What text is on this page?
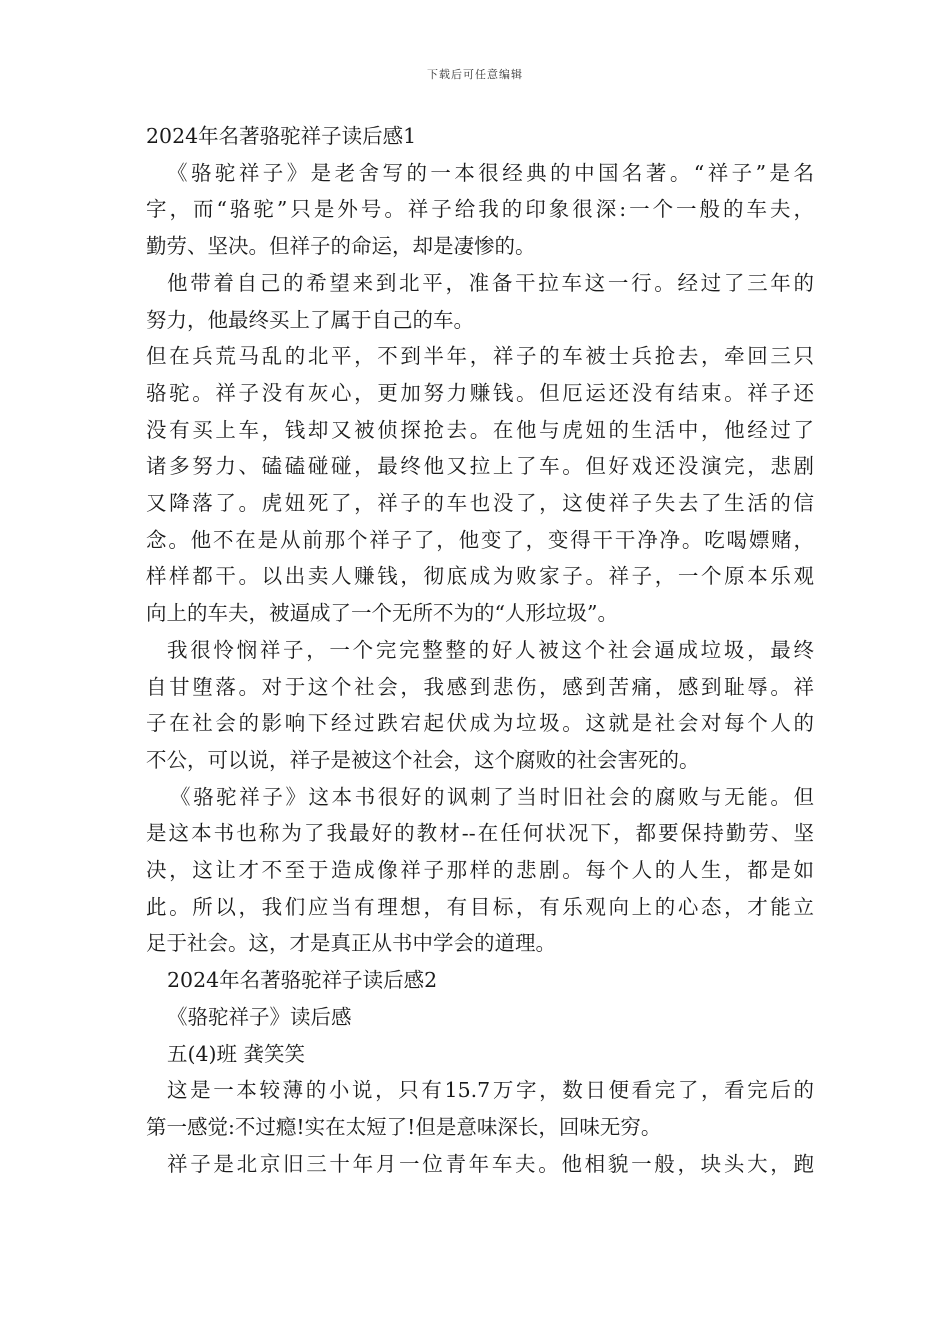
下载后可任意编辑
2024年名著骆驼祥子读后感1
《骆驼祥子》是老舍写的一本很经典的中国名著。“祥子”是名
字，而“骆驼”只是外号。祥子给我的印象很深:一个一般的车夫，
勤劳、坚决。但祥子的命运，却是凄惨的。
他带着自己的希望来到北平，准备干拉车这一行。经过了三年的
努力，他最终买上了属于自己的车。
但在兵荒马乱的北平，不到半年，祥子的车被士兵抢去，牵回三只
骆驼。祥子没有灰心，更加努力赚钱。但厄运还没有结束。祥子还
没有买上车，钱却又被侦探抢去。在他与虎妞的生活中，他经过了
诸多努力、磕磕碰碰，最终他又拉上了车。但好戏还没演完，悲剧
又降落了。虎妞死了，祥子的车也没了，这使祥子失去了生活的信
念。他不在是从前那个祥子了，他变了，变得干干净净。吃喝嫖赌，
样样都干。以出卖人赚钱，彻底成为败家子。祥子，一个原本乐观
向上的车夫，被逼成了一个无所不为的“人形垃圾”。
我很怜悯祥子，一个完完整整的好人被这个社会逼成垃圾，最终
自甘堕落。对于这个社会，我感到悲伤，感到苦痛，感到耻辱。祥
子在社会的影响下经过跌宕起伏成为垃圾。这就是社会对每个人的
不公，可以说，祥子是被这个社会，这个腐败的社会害死的。
《骆驼祥子》这本书很好的讽刺了当时旧社会的腐败与无能。但
是这本书也称为了我最好的教材--在任何状况下，都要保持勤劳、坚
决，这让才不至于造成像祥子那样的悲剧。每个人的人生，都是如
此。所以，我们应当有理想，有目标，有乐观向上的心态，才能立
足于社会。这，才是真正从书中学会的道理。
2024年名著骆驼祥子读后感2
《骆驼祥子》读后感
五(4)班 龚笑笑
这是一本较薄的小说，只有15.7万字，数日便看完了，看完后的
第一感觉:不过瘾!实在太短了!但是意味深长，回味无穷。
祥子是北京旧三十年月一位青年车夫。他相貌一般，块头大，跑
